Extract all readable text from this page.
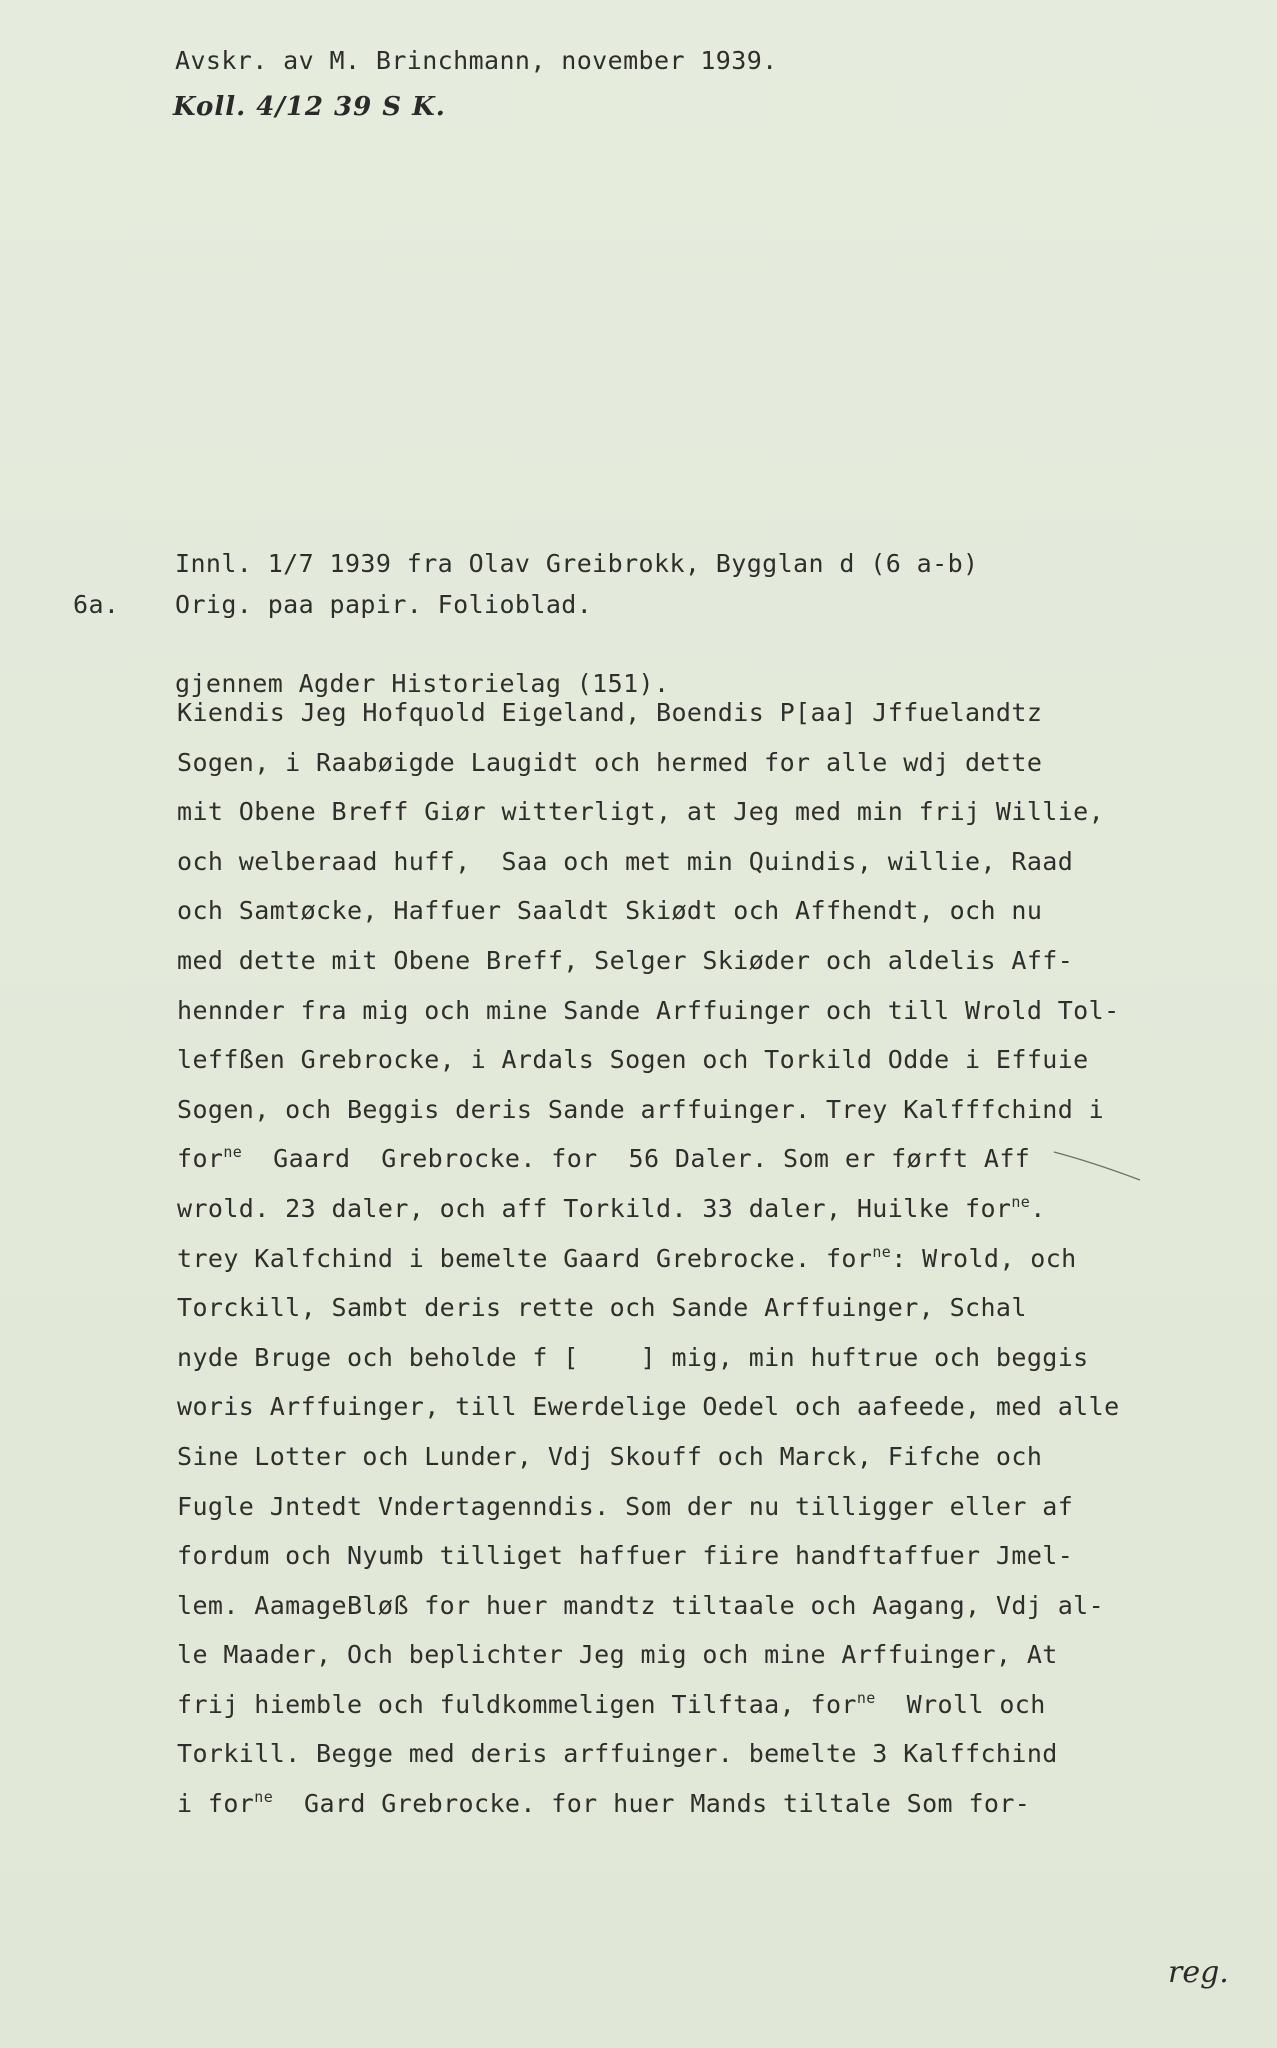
Avskr. av M. Brinchmann, november 1939.
Koll. 4/12 39 S K.

Innl. 1/7 1939 fra Olav Greibrokk, Bygglan d (6 a-b)

gjennem Agder Historielag (151).

6a. Orig. paa papir. Folioblad.
Kiendis Jeg Hofquold Eigeland, Boendis P[aa] Jffuelandtz
Sogen, i Raabøigde Laugidt och hermed for alle wdj dette
mit Obene Breff Giør witterligt, at Jeg med min frij Willie,
och welberaad huff,  Saa och met min Quindis, willie, Raad
och Samtøcke, Haffuer Saaldt Skiødt och Affhendt, och nu
med dette mit Obene Breff, Selger Skiøder och aldelis Aff-
hennder fra mig och mine Sande Arffuinger och till Wrold Tol-
leffßen Grebrocke, i Ardals Sogen och Torkild Odde i Effuie
Sogen, och Beggis deris Sande arffuinger. Trey Kalfffchind i
for$^{ne}$  Gaard  Grebrocke. for  56 Daler. Som er førft Aff
wrold. 23 daler, och aff Torkild. 33 daler, Huilke for$^{ne}$.
trey Kalfchind i bemelte Gaard Grebrocke. for$^{ne}$: Wrold, och
Torckill, Sambt deris rette och Sande Arffuinger, Schal
nyde Bruge och beholde f [    ] mig, min huftrue och beggis
woris Arffuinger, till Ewerdelige Oedel och aafeede, med alle
Sine Lotter och Lunder, Vdj Skouff och Marck, Fifche och
Fugle Jntedt Vndertagenndis. Som der nu tilligger eller af
fordum och Nyumb tilliget haffuer fiire handftaffuer Jmel-
lem. AamageBløß for huer mandtz tiltaale och Aagang, Vdj al-
le Maader, Och beplichter Jeg mig och mine Arffuinger, At
frij hiemble och fuldkommeligen Tilftaa, for$^{ne}$  Wroll och
Torkill. Begge med deris arffuinger. bemelte 3 Kalffchind
i for$^{ne}$  Gard Grebrocke. for huer Mands tiltale Som for-
reg.
